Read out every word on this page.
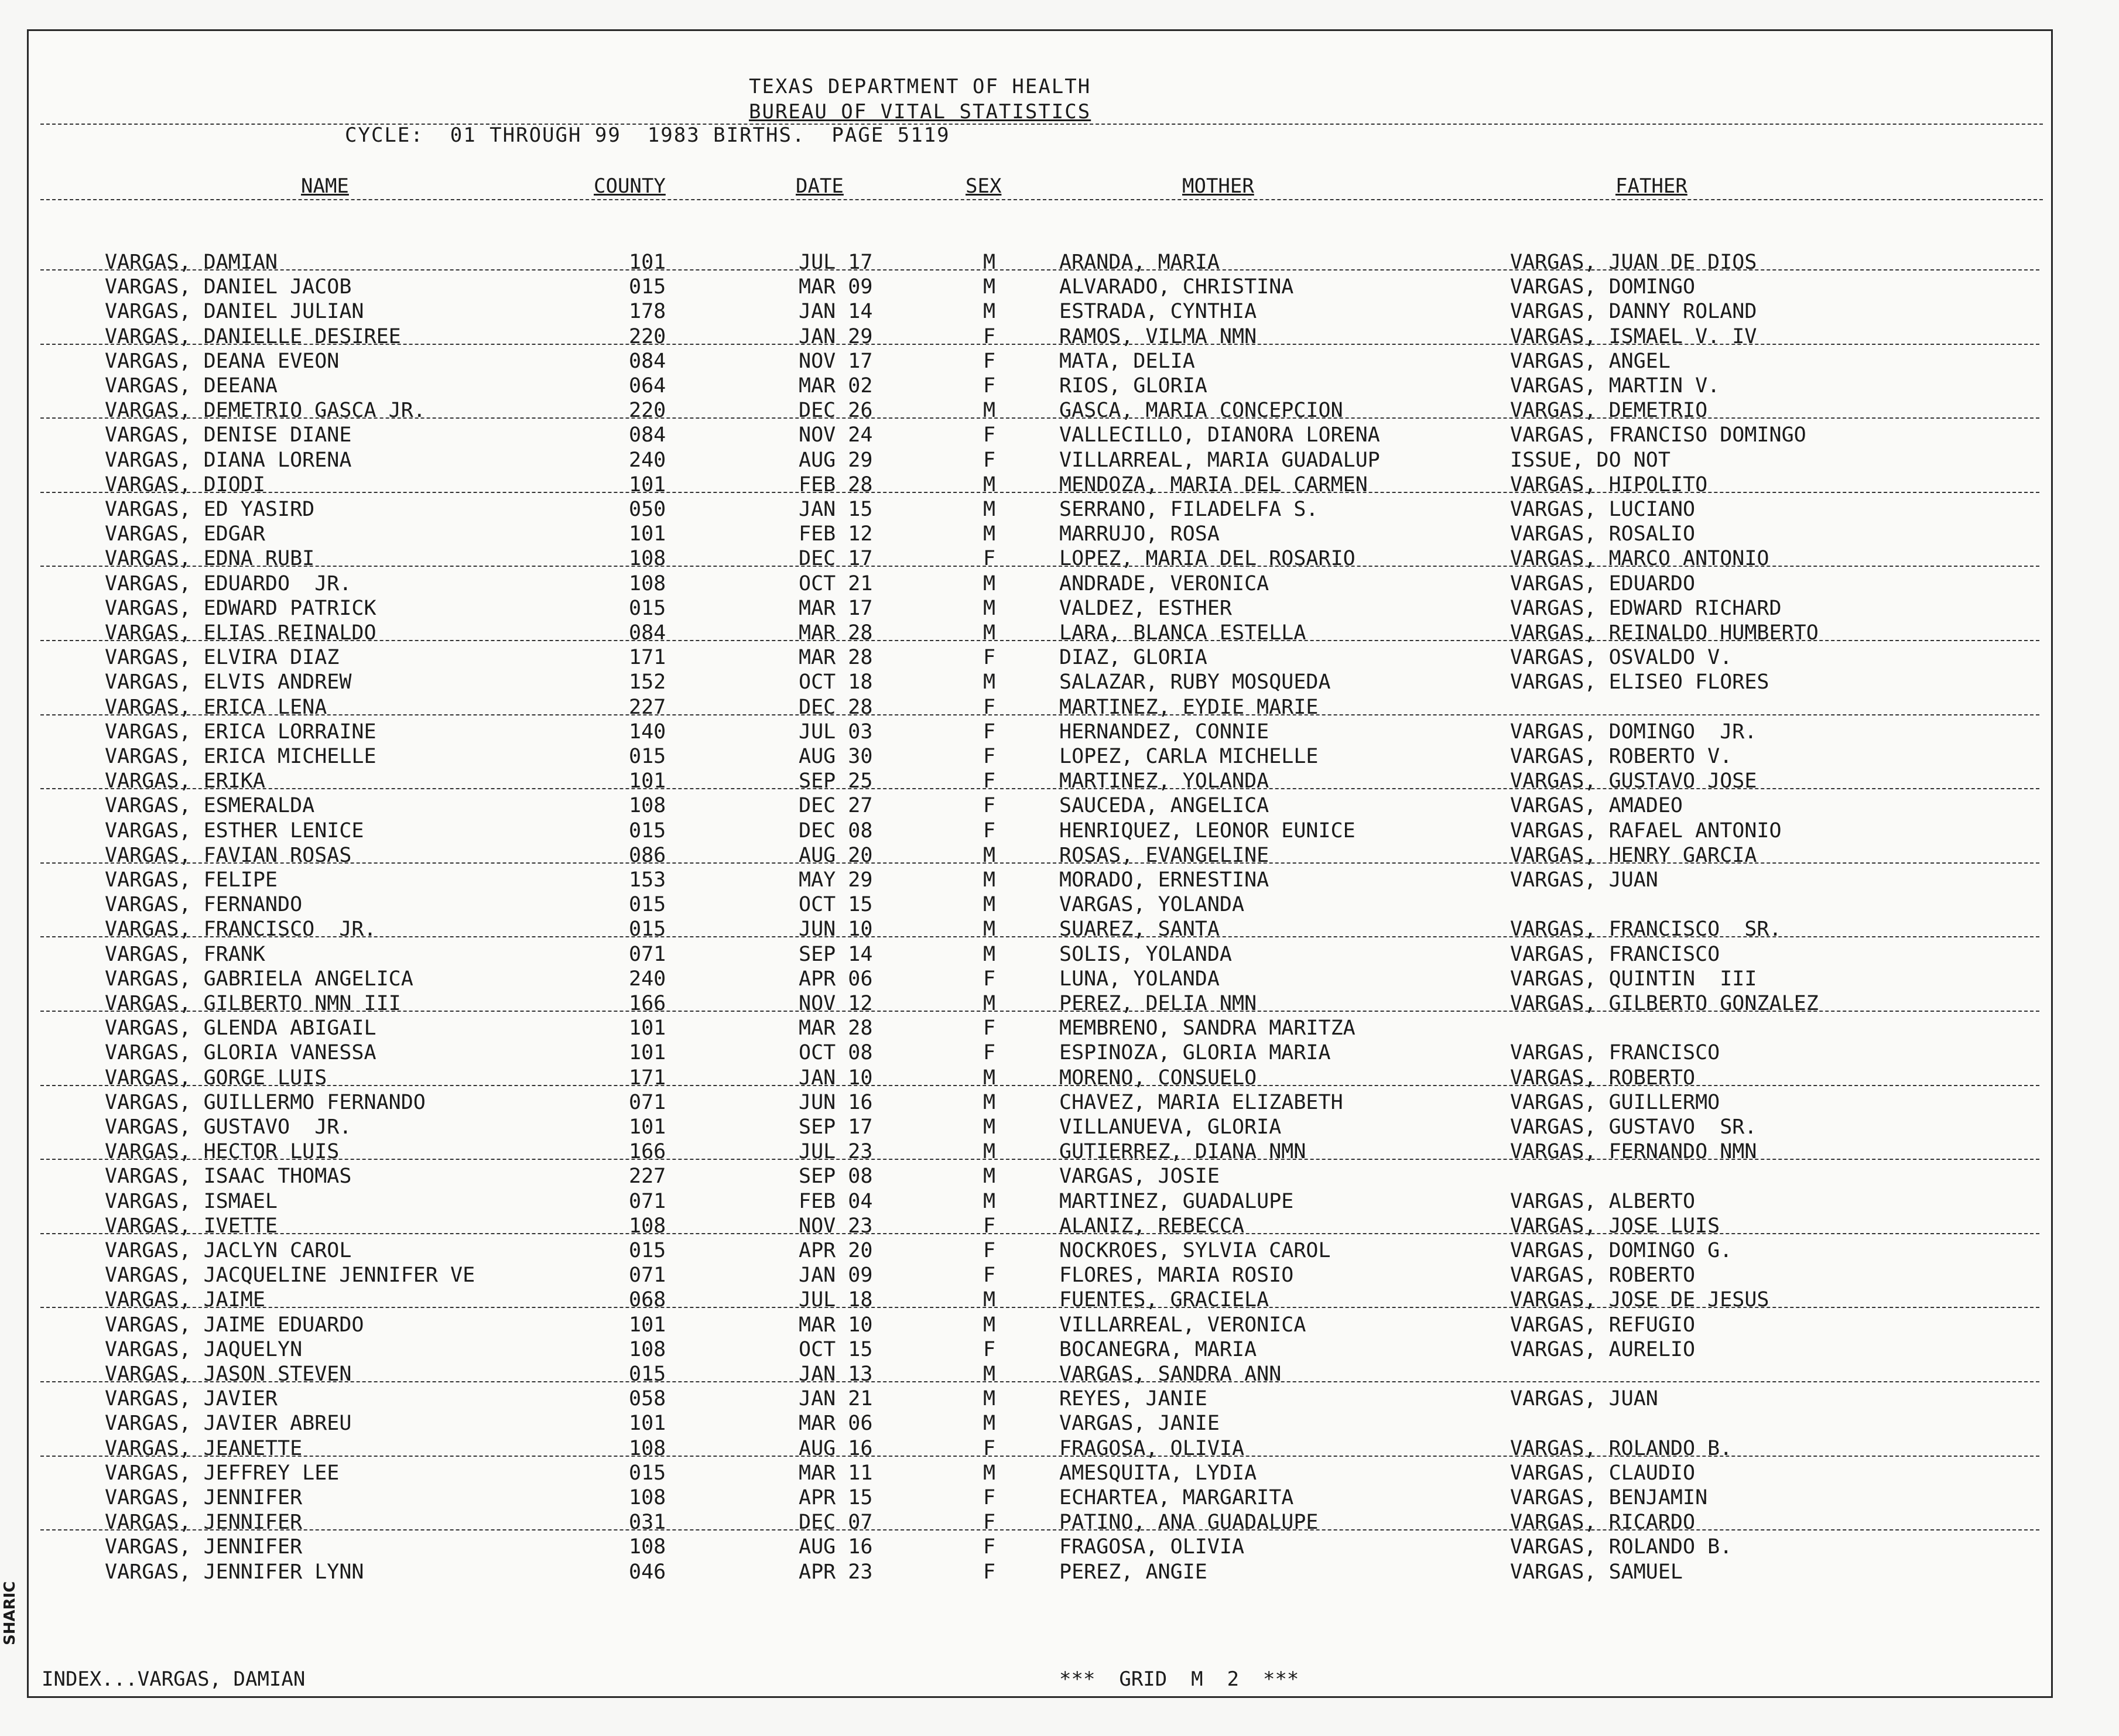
TEXAS DEPARTMENT OF HEALTH
BUREAU OF VITAL STATISTICS
CYCLE:  01 THROUGH 99  1983 BIRTHS.  PAGE 5119
NAME	COUNTY	DATE	SEX	MOTHER	FATHER
VARGAS, DAMIAN	101	JUL 17	M	ARANDA, MARIA	VARGAS, JUAN DE DIOS
VARGAS, DANIEL JACOB	015	MAR 09	M	ALVARADO, CHRISTINA	VARGAS, DOMINGO
VARGAS, DANIEL JULIAN	178	JAN 14	M	ESTRADA, CYNTHIA	VARGAS, DANNY ROLAND
VARGAS, DANIELLE DESIREE	220	JAN 29	F	RAMOS, VILMA NMN	VARGAS, ISMAEL V. IV
VARGAS, DEANA EVEON	084	NOV 17	F	MATA, DELIA	VARGAS, ANGEL
VARGAS, DEEANA	064	MAR 02	F	RIOS, GLORIA	VARGAS, MARTIN V.
VARGAS, DEMETRIO GASCA JR.	220	DEC 26	M	GASCA, MARIA CONCEPCION	VARGAS, DEMETRIO
VARGAS, DENISE DIANE	084	NOV 24	F	VALLECILLO, DIANORA LORENA	VARGAS, FRANCISO DOMINGO
VARGAS, DIANA LORENA	240	AUG 29	F	VILLARREAL, MARIA GUADALUP	ISSUE, DO NOT
VARGAS, DIODI	101	FEB 28	M	MENDOZA, MARIA DEL CARMEN	VARGAS, HIPOLITO
VARGAS, ED YASIRD	050	JAN 15	M	SERRANO, FILADELFA S.	VARGAS, LUCIANO
VARGAS, EDGAR	101	FEB 12	M	MARRUJO, ROSA	VARGAS, ROSALIO
VARGAS, EDNA RUBI	108	DEC 17	F	LOPEZ, MARIA DEL ROSARIO	VARGAS, MARCO ANTONIO
VARGAS, EDUARDO  JR.	108	OCT 21	M	ANDRADE, VERONICA	VARGAS, EDUARDO
VARGAS, EDWARD PATRICK	015	MAR 17	M	VALDEZ, ESTHER	VARGAS, EDWARD RICHARD
VARGAS, ELIAS REINALDO	084	MAR 28	M	LARA, BLANCA ESTELLA	VARGAS, REINALDO HUMBERTO
VARGAS, ELVIRA DIAZ	171	MAR 28	F	DIAZ, GLORIA	VARGAS, OSVALDO V.
VARGAS, ELVIS ANDREW	152	OCT 18	M	SALAZAR, RUBY MOSQUEDA	VARGAS, ELISEO FLORES
VARGAS, ERICA LENA	227	DEC 28	F	MARTINEZ, EYDIE MARIE
VARGAS, ERICA LORRAINE	140	JUL 03	F	HERNANDEZ, CONNIE	VARGAS, DOMINGO  JR.
VARGAS, ERICA MICHELLE	015	AUG 30	F	LOPEZ, CARLA MICHELLE	VARGAS, ROBERTO V.
VARGAS, ERIKA	101	SEP 25	F	MARTINEZ, YOLANDA	VARGAS, GUSTAVO JOSE
VARGAS, ESMERALDA	108	DEC 27	F	SAUCEDA, ANGELICA	VARGAS, AMADEO
VARGAS, ESTHER LENICE	015	DEC 08	F	HENRIQUEZ, LEONOR EUNICE	VARGAS, RAFAEL ANTONIO
VARGAS, FAVIAN ROSAS	086	AUG 20	M	ROSAS, EVANGELINE	VARGAS, HENRY GARCIA
VARGAS, FELIPE	153	MAY 29	M	MORADO, ERNESTINA	VARGAS, JUAN
VARGAS, FERNANDO	015	OCT 15	M	VARGAS, YOLANDA
VARGAS, FRANCISCO  JR.	015	JUN 10	M	SUAREZ, SANTA	VARGAS, FRANCISCO  SR.
VARGAS, FRANK	071	SEP 14	M	SOLIS, YOLANDA	VARGAS, FRANCISCO
VARGAS, GABRIELA ANGELICA	240	APR 06	F	LUNA, YOLANDA	VARGAS, QUINTIN  III
VARGAS, GILBERTO NMN III	166	NOV 12	M	PEREZ, DELIA NMN	VARGAS, GILBERTO GONZALEZ
VARGAS, GLENDA ABIGAIL	101	MAR 28	F	MEMBRENO, SANDRA MARITZA
VARGAS, GLORIA VANESSA	101	OCT 08	F	ESPINOZA, GLORIA MARIA	VARGAS, FRANCISCO
VARGAS, GORGE LUIS	171	JAN 10	M	MORENO, CONSUELO	VARGAS, ROBERTO
VARGAS, GUILLERMO FERNANDO	071	JUN 16	M	CHAVEZ, MARIA ELIZABETH	VARGAS, GUILLERMO
VARGAS, GUSTAVO  JR.	101	SEP 17	M	VILLANUEVA, GLORIA	VARGAS, GUSTAVO  SR.
VARGAS, HECTOR LUIS	166	JUL 23	M	GUTIERREZ, DIANA NMN	VARGAS, FERNANDO NMN
VARGAS, ISAAC THOMAS	227	SEP 08	M	VARGAS, JOSIE
VARGAS, ISMAEL	071	FEB 04	M	MARTINEZ, GUADALUPE	VARGAS, ALBERTO
VARGAS, IVETTE	108	NOV 23	F	ALANIZ, REBECCA	VARGAS, JOSE LUIS
VARGAS, JACLYN CAROL	015	APR 20	F	NOCKROES, SYLVIA CAROL	VARGAS, DOMINGO G.
VARGAS, JACQUELINE JENNIFER VE	071	JAN 09	F	FLORES, MARIA ROSIO	VARGAS, ROBERTO
VARGAS, JAIME	068	JUL 18	M	FUENTES, GRACIELA	VARGAS, JOSE DE JESUS
VARGAS, JAIME EDUARDO	101	MAR 10	M	VILLARREAL, VERONICA	VARGAS, REFUGIO
VARGAS, JAQUELYN	108	OCT 15	F	BOCANEGRA, MARIA	VARGAS, AURELIO
VARGAS, JASON STEVEN	015	JAN 13	M	VARGAS, SANDRA ANN
VARGAS, JAVIER	058	JAN 21	M	REYES, JANIE	VARGAS, JUAN
VARGAS, JAVIER ABREU	101	MAR 06	M	VARGAS, JANIE
VARGAS, JEANETTE	108	AUG 16	F	FRAGOSA, OLIVIA	VARGAS, ROLANDO B.
VARGAS, JEFFREY LEE	015	MAR 11	M	AMESQUITA, LYDIA	VARGAS, CLAUDIO
VARGAS, JENNIFER	108	APR 15	F	ECHARTEA, MARGARITA	VARGAS, BENJAMIN
VARGAS, JENNIFER	031	DEC 07	F	PATINO, ANA GUADALUPE	VARGAS, RICARDO
VARGAS, JENNIFER	108	AUG 16	F	FRAGOSA, OLIVIA	VARGAS, ROLANDO B.
VARGAS, JENNIFER LYNN	046	APR 23	F	PEREZ, ANGIE	VARGAS, SAMUEL
INDEX...VARGAS, DAMIAN	***  GRID  M  2  ***
SHARIC
